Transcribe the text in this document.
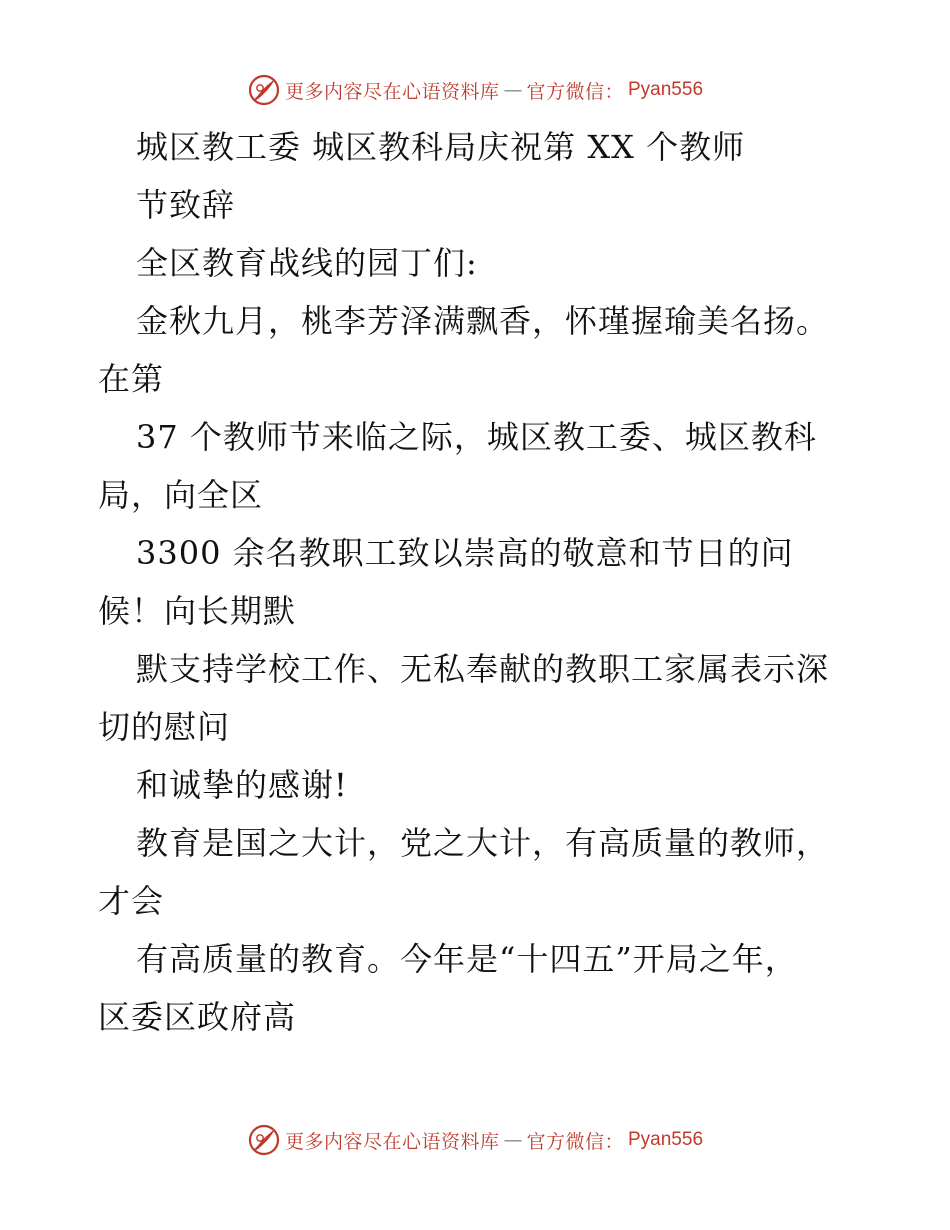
更多内容尽在心语资料库 — 官方微信： Pyan556
城区教工委 城区教科局庆祝第 XX 个教师
节致辞
全区教育战线的园丁们:
金秋九月，桃李芳泽满飘香，怀瑾握瑜美名扬。
在第
37 个教师节来临之际，城区教工委、城区教科
局，向全区
3300 余名教职工致以崇高的敬意和节日的问
候！向长期默
默支持学校工作、无私奉献的教职工家属表示深
切的慰问
和诚挚的感谢!
教育是国之大计，党之大计，有高质量的教师，
才会
有高质量的教育。今年是“十四五”开局之年，
区委区政府高
更多内容尽在心语资料库 — 官方微信： Pyan556
